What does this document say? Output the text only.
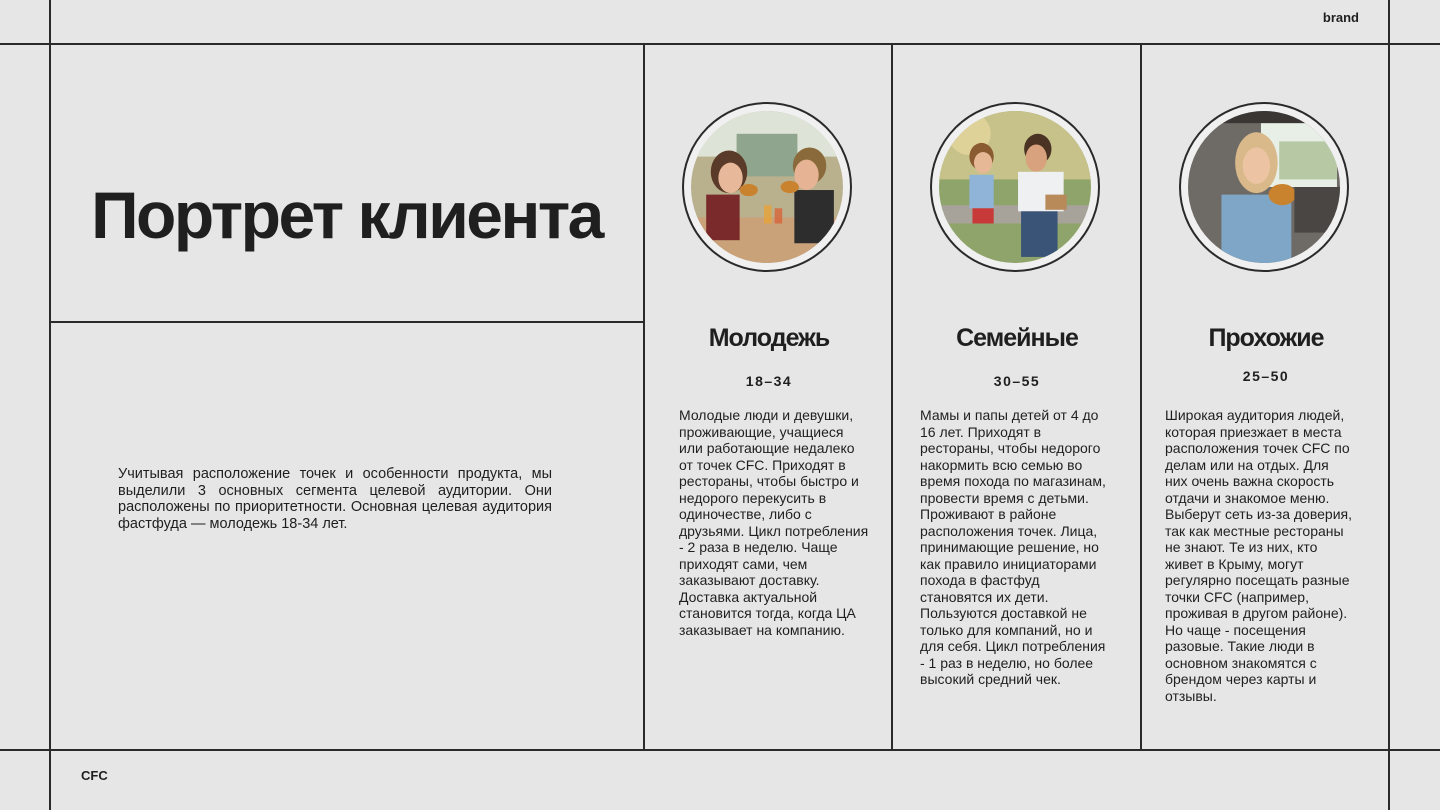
brand
CFC
Портрет клиента

Учитывая расположение точек и особенности продукта, мы выделили 3 основных сегмента целевой аудитории. Они расположены по приоритетности. Основная целевая аудитория фастфуда — молодежь 18-34 лет.

Молодежь
18–34

Молодые люди и девушки, проживающие, учащиеся или работающие недалеко от точек CFC. Приходят в рестораны, чтобы быстро и недорого перекусить в одиночестве, либо с друзьями. Цикл потребления - 2 раза в неделю. Чаще приходят сами, чем заказывают доставку. Доставка актуальной становится тогда, когда ЦА заказывает на компанию.

Семейные
30–55

Мамы и папы детей от 4 до 16 лет. Приходят в рестораны, чтобы недорого накормить всю семью во время похода по магазинам, провести время с детьми. Проживают в районе расположения точек. Лица, принимающие решение, но как правило инициаторами похода в фастфуд становятся их дети. Пользуются доставкой не только для компаний, но и для себя. Цикл потребления - 1 раз в неделю, но более высокий средний чек.

Прохожие
25–50

Широкая аудитория людей, которая приезжает в места расположения точек CFC по делам или на отдых. Для них очень важна скорость отдачи и знакомое меню. Выберут сеть из-за доверия, так как местные рестораны не знают. Те из них, кто живет в Крыму, могут регулярно посещать разные точки CFC (например, проживая в другом районе). Но чаще - посещения разовые. Такие люди в основном знакомятся с брендом через карты и отзывы.
